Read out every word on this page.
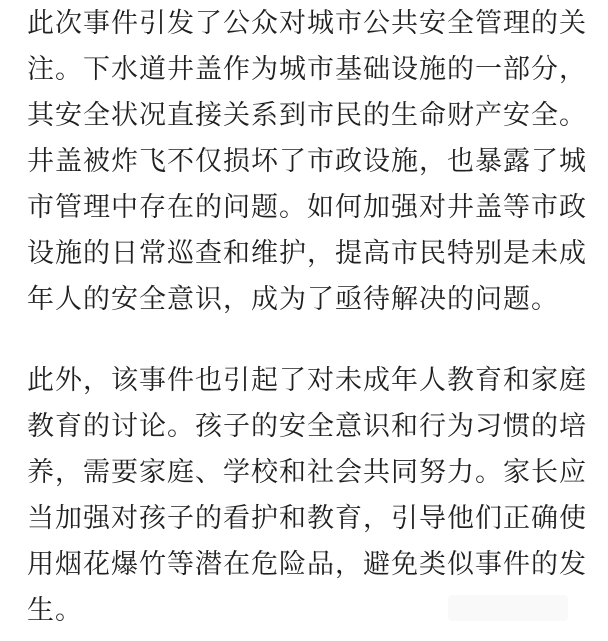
此次事件引发了公众对城市公共安全管理的关
注。下水道井盖作为城市基础设施的一部分，
其安全状况直接关系到市民的生命财产安全。
井盖被炸飞不仅损坏了市政设施，也暴露了城
市管理中存在的问题。如何加强对井盖等市政
设施的日常巡查和维护，提高市民特别是未成
年人的安全意识，成为了亟待解决的问题。
此外，该事件也引起了对未成年人教育和家庭
教育的讨论。孩子的安全意识和行为习惯的培
养，需要家庭、学校和社会共同努力。家长应
当加强对孩子的看护和教育，引导他们正确使
用烟花爆竹等潜在危险品，避免类似事件的发
生。
